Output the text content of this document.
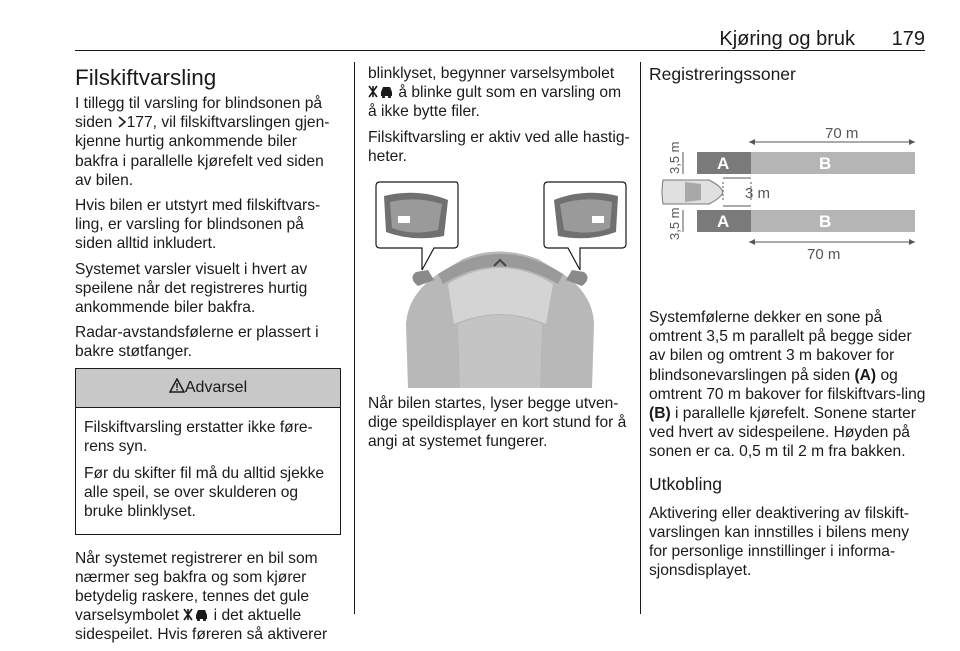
Kjøring og bruk 179
Filskiftvarsling

I tillegg til varsling for blindsonen på siden 177, vil filskiftvarslingen gjen-kjenne hurtig ankommende biler bakfra i parallelle kjørefelt ved siden av bilen.

Hvis bilen er utstyrt med filskiftvars-ling, er varsling for blindsonen på siden alltid inkludert.

Systemet varsler visuelt i hvert av speilene når det registreres hurtig ankommende biler bakfra.

Radar-avstandsfølerne er plassert i bakre støtfanger.

Advarsel

Filskiftvarsling erstatter ikke føre-rens syn.

Før du skifter fil må du alltid sjekke alle speil, se over skulderen og bruke blinklyset.

Når systemet registrerer en bil som nærmer seg bakfra og som kjører betydelig raskere, tennes det gule varselsymbolet  i det aktuelle sidespeilet. Hvis føreren så aktiverer

blinklyset, begynner varselsymbolet  å blinke gult som en varsling om å ikke bytte filer.

Filskiftvarsling er aktiv ved alle hastig-heter.

Når bilen startes, lyser begge utven-dige speildisplayer en kort stund for å angi at systemet fungerer.

Registreringssoner
70 m
A	B
3,5 m
3 m
A	B
3,5 m
70 m

Systemfølerne dekker en sone på omtrent 3,5 m parallelt på begge sider av bilen og omtrent 3 m bakover for blindsonevarslingen på siden (A) og omtrent 70 m bakover for filskiftvars-ling (B) i parallelle kjørefelt. Sonene starter ved hvert av sidespeilene. Høyden på sonen er ca. 0,5 m til 2 m fra bakken.

Utkobling

Aktivering eller deaktivering av filskift-varslingen kan innstilles i bilens meny for personlige innstillinger i informa-sjonsdisplayet.
